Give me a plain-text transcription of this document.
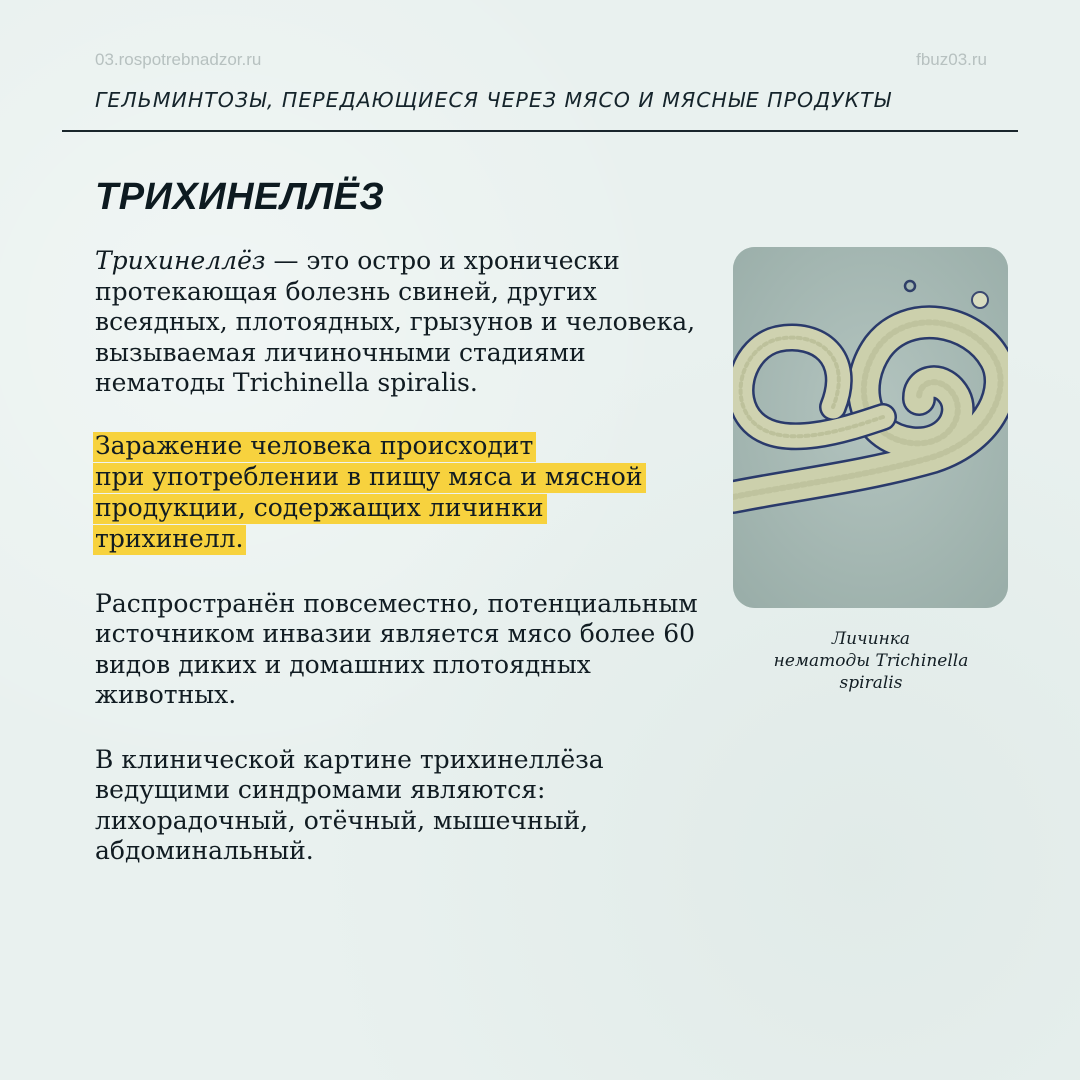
03.rospotrebnadzor.ru	fbuz03.ru
ГЕЛЬМИНТОЗЫ, ПЕРЕДАЮЩИЕСЯ ЧЕРЕЗ МЯСО И МЯСНЫЕ ПРОДУКТЫ
ТРИХИНЕЛЛЁЗ

Трихинеллёз — это остро и хронически протекающая болезнь свиней, других всеядных, плотоядных, грызунов и человека, вызываемая личиночными стадиями нематоды Trichinella spiralis.

Заражение человека происходит
при употреблении в пищу мяса и мясной
продукции, содержащих личинки
трихинелл.

Распространён повсеместно, потенциальным источником инвазии является мясо более 60 видов диких и домашних плотоядных животных.

В клинической картине трихинеллёза ведущими синдромами являются: лихорадочный, отёчный, мышечный, абдоминальный.

Личинка
нематоды Trichinella
spiralis
